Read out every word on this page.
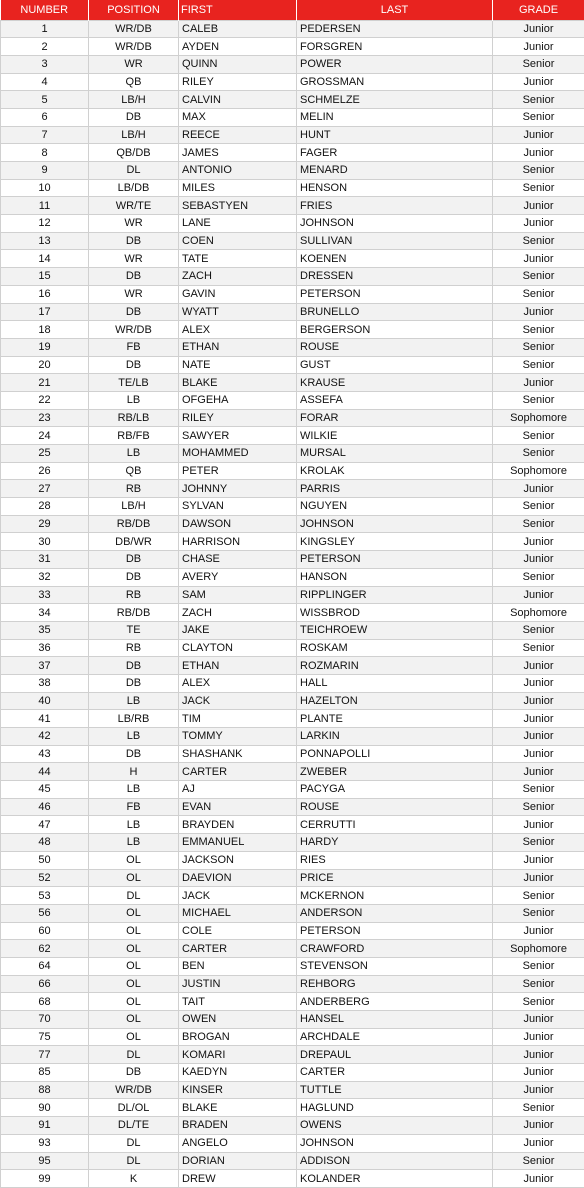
NUMBER	POSITION	FIRST	LAST	GRADE
1	WR/DB	CALEB	PEDERSEN	Junior
2	WR/DB	AYDEN	FORSGREN	Junior
3	WR	QUINN	POWER	Senior
4	QB	RILEY	GROSSMAN	Junior
5	LB/H	CALVIN	SCHMELZE	Senior
6	DB	MAX	MELIN	Senior
7	LB/H	REECE	HUNT	Junior
8	QB/DB	JAMES	FAGER	Junior
9	DL	ANTONIO	MENARD	Senior
10	LB/DB	MILES	HENSON	Senior
11	WR/TE	SEBASTYEN	FRIES	Junior
12	WR	LANE	JOHNSON	Junior
13	DB	COEN	SULLIVAN	Senior
14	WR	TATE	KOENEN	Junior
15	DB	ZACH	DRESSEN	Senior
16	WR	GAVIN	PETERSON	Senior
17	DB	WYATT	BRUNELLO	Junior
18	WR/DB	ALEX	BERGERSON	Senior
19	FB	ETHAN	ROUSE	Senior
20	DB	NATE	GUST	Senior
21	TE/LB	BLAKE	KRAUSE	Junior
22	LB	OFGEHA	ASSEFA	Senior
23	RB/LB	RILEY	FORAR	Sophomore
24	RB/FB	SAWYER	WILKIE	Senior
25	LB	MOHAMMED	MURSAL	Senior
26	QB	PETER	KROLAK	Sophomore
27	RB	JOHNNY	PARRIS	Junior
28	LB/H	SYLVAN	NGUYEN	Senior
29	RB/DB	DAWSON	JOHNSON	Senior
30	DB/WR	HARRISON	KINGSLEY	Junior
31	DB	CHASE	PETERSON	Junior
32	DB	AVERY	HANSON	Senior
33	RB	SAM	RIPPLINGER	Junior
34	RB/DB	ZACH	WISSBROD	Sophomore
35	TE	JAKE	TEICHROEW	Senior
36	RB	CLAYTON	ROSKAM	Senior
37	DB	ETHAN	ROZMARIN	Junior
38	DB	ALEX	HALL	Junior
40	LB	JACK	HAZELTON	Junior
41	LB/RB	TIM	PLANTE	Junior
42	LB	TOMMY	LARKIN	Junior
43	DB	SHASHANK	PONNAPOLLI	Junior
44	H	CARTER	ZWEBER	Junior
45	LB	AJ	PACYGA	Senior
46	FB	EVAN	ROUSE	Senior
47	LB	BRAYDEN	CERRUTTI	Junior
48	LB	EMMANUEL	HARDY	Senior
50	OL	JACKSON	RIES	Junior
52	OL	DAEVION	PRICE	Junior
53	DL	JACK	MCKERNON	Senior
56	OL	MICHAEL	ANDERSON	Senior
60	OL	COLE	PETERSON	Junior
62	OL	CARTER	CRAWFORD	Sophomore
64	OL	BEN	STEVENSON	Senior
66	OL	JUSTIN	REHBORG	Senior
68	OL	TAIT	ANDERBERG	Senior
70	OL	OWEN	HANSEL	Junior
75	OL	BROGAN	ARCHDALE	Junior
77	DL	KOMARI	DREPAUL	Junior
85	DB	KAEDYN	CARTER	Junior
88	WR/DB	KINSER	TUTTLE	Junior
90	DL/OL	BLAKE	HAGLUND	Senior
91	DL/TE	BRADEN	OWENS	Junior
93	DL	ANGELO	JOHNSON	Junior
95	DL	DORIAN	ADDISON	Senior
99	K	DREW	KOLANDER	Junior
